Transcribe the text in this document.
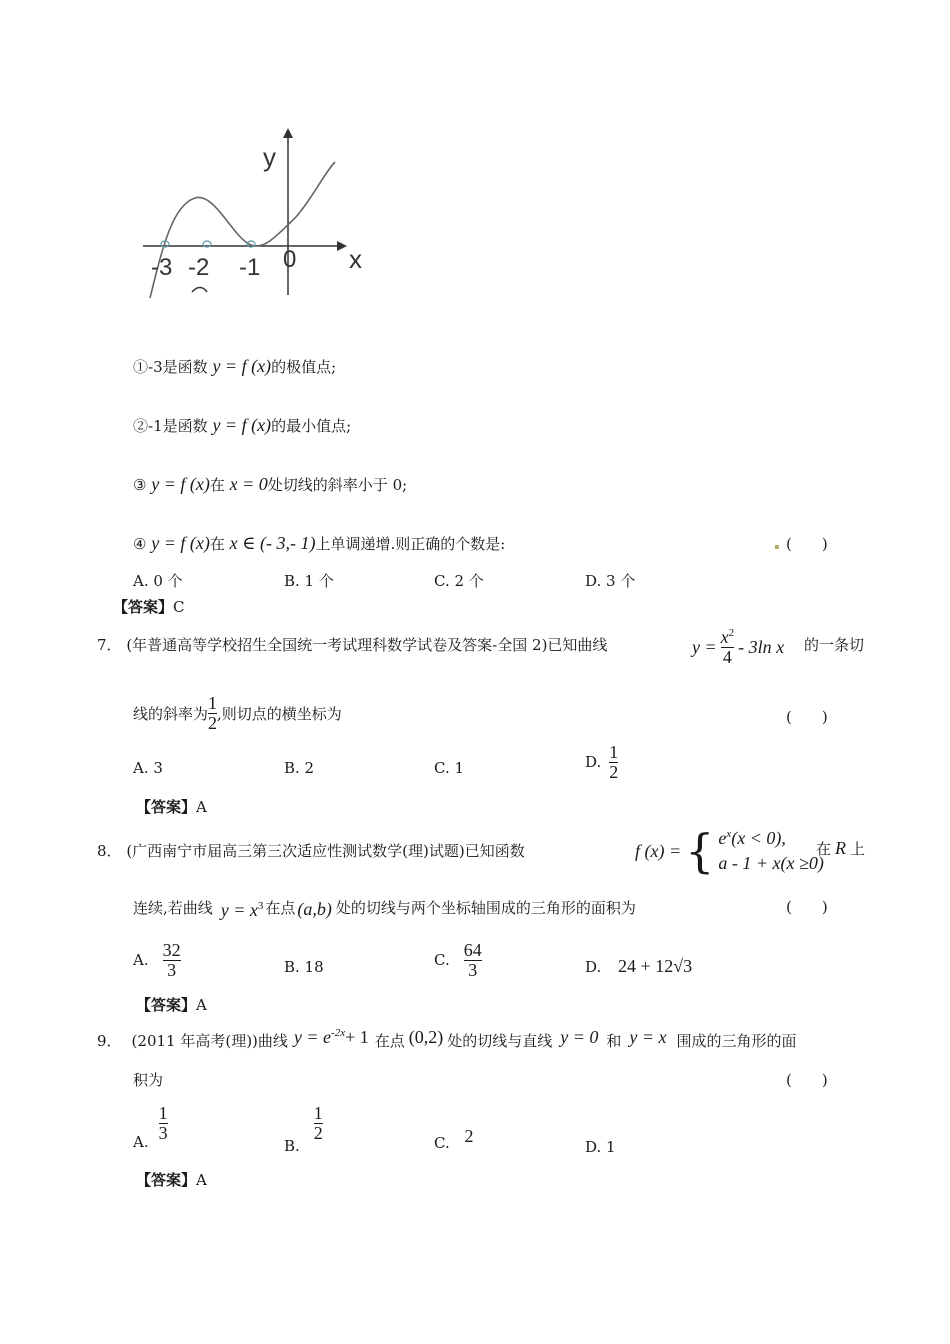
y
x
-3 -2 -1 0
①-3是函数 y = f (x)的极值点;
②-1是函数 y = f (x)的最小值点;
③ y = f (x)在 x = 0处切线的斜率小于 0;
④ y = f (x)在 x ∈ (- 3,- 1)上单调递增.则正确的个数是:	(　　)
A. 0 个	B. 1 个	C. 2 个	D. 3 个
【答案】C
7． (年普通高等学校招生全国统一考试理科数学试卷及答案-全国 2)已知曲线	$y = \frac{x^2}{4} - 3\ln$ x 的一条切
线的斜率为 $\frac{1}{2}$ ,则切点的横坐标为	(　　)
A. 3	B. 2	C. 1	D. $\frac{1}{2}$
【答案】A
8． (广西南宁市届高三第三次适应性测试数学(理)试题)已知函数	f (x) = { $e^x(x < 0)$,
a - 1 + x(x ≥0)
在 R 上
连续,若曲线 $y = x^3$ 在点 (a,b) 处的切线与两个坐标轴围成的三角形的面积为	(　　)
A. $\frac{32}{3}$	B. 18	C. $\frac{64}{3}$	D. 24 + 12√3
【答案】A
9． (2011 年高考(理))曲线 $y = e^{-2x}+ 1$ 在点 (0,2) 处的切线与直线 y = 0 和 y = x 围成的三角形的面
积为	(　　)
A. $\frac{1}{3}$
B.
$\frac{1}{2}$
C. 2
D. 1
【答案】A
